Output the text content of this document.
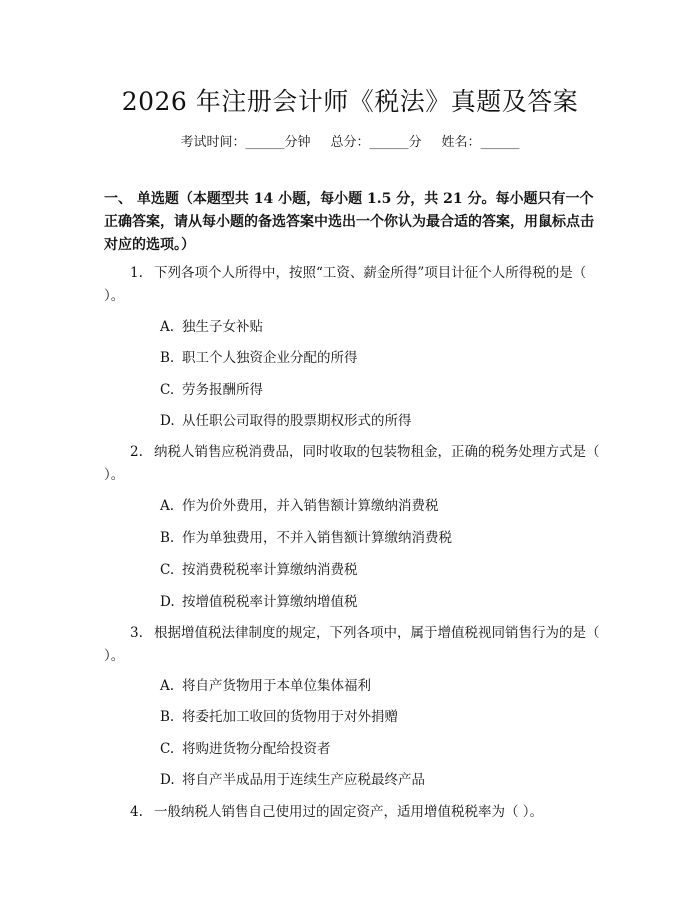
2026 年注册会计师《税法》真题及答案
考试时间：______分钟 总分：______分 姓名：______
一、 单选题（本题型共 14 小题，每小题 1.5 分，共 21 分。每小题只有一个正确答案，请从每小题的备选答案中选出一个你认为最合适的答案，用鼠标点击对应的选项。）
1. 下列各项个人所得中，按照“工资、薪金所得”项目计征个人所得税的是（ ）。
A. 独生子女补贴
B. 职工个人独资企业分配的所得
C. 劳务报酬所得
D. 从任职公司取得的股票期权形式的所得
2. 纳税人销售应税消费品，同时收取的包装物租金，正确的税务处理方式是（ ）。
A. 作为价外费用，并入销售额计算缴纳消费税
B. 作为单独费用，不并入销售额计算缴纳消费税
C. 按消费税税率计算缴纳消费税
D. 按增值税税率计算缴纳增值税
3. 根据增值税法律制度的规定，下列各项中，属于增值税视同销售行为的是（ ）。
A. 将自产货物用于本单位集体福利
B. 将委托加工收回的货物用于对外捐赠
C. 将购进货物分配给投资者
D. 将自产半成品用于连续生产应税最终产品
4. 一般纳税人销售自己使用过的固定资产，适用增值税税率为（ ）。
